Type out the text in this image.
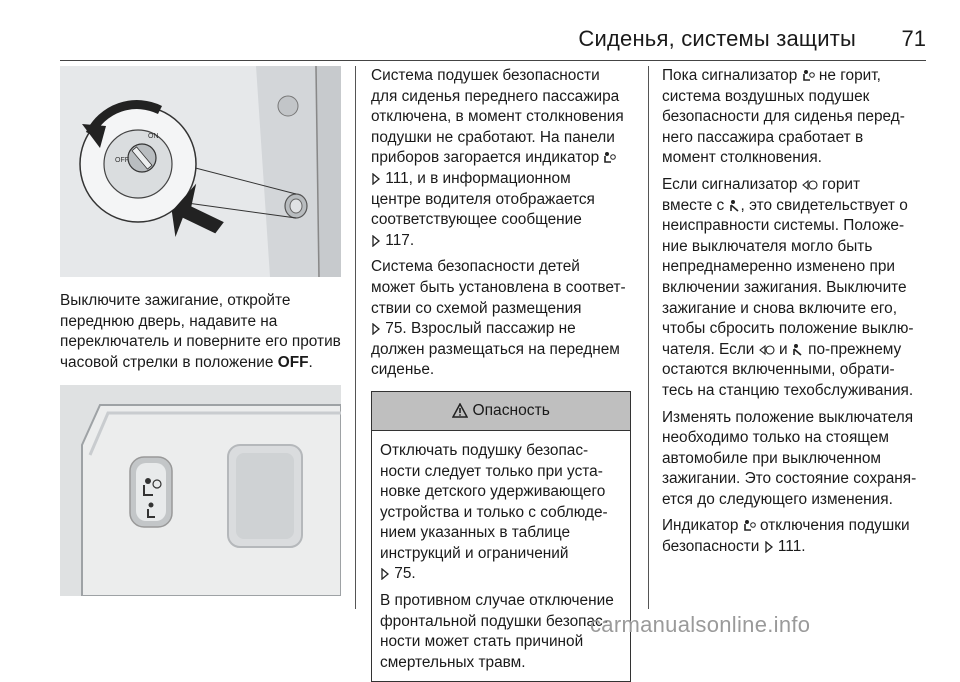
Сиденья, системы защиты 71
ON
OFF

Выключите зажигание, откройте переднюю дверь, надавите на переключатель и поверните его против часовой стрелки в положение OFF.

Система подушек безопасности
для сиденья переднего пассажира
отключена, в момент столкновения
подушки не сработают. На панели
приборов загорается индикатор
111, и в информационном
центре водителя отображается
соответствующее сообщение
117.

Система безопасности детей
может быть установлена в соответ-
ствии со схемой размещения
75. Взрослый пассажир не
должен размещаться на переднем
сиденье.

Опасность

Отключать подушку безопас-
ности следует только при уста-
новке детского удерживающего
устройства и только с соблюде-
нием указанных в таблице
инструкций и ограничений
75.

В противном случае отключение
фронтальной подушки безопас-
ности может стать причиной
смертельных травм.

Пока сигнализатор не горит,
система воздушных подушек
безопасности для сиденья перед-
него пассажира сработает в
момент столкновения.

Если сигнализатор горит
вместе с , это свидетельствует о
неисправности системы. Положе-
ние выключателя могло быть
непреднамеренно изменено при
включении зажигания. Выключите
зажигание и снова включите его,
чтобы сбросить положение выклю-
чателя. Если и по-прежнему
остаются включенными, обрати-
тесь на станцию техобслуживания.

Изменять положение выключателя
необходимо только на стоящем
автомобиле при выключенном
зажигании. Это состояние сохраня-
ется до следующего изменения.

Индикатор отключения подушки
безопасности 111.

carmanualsonline.info
